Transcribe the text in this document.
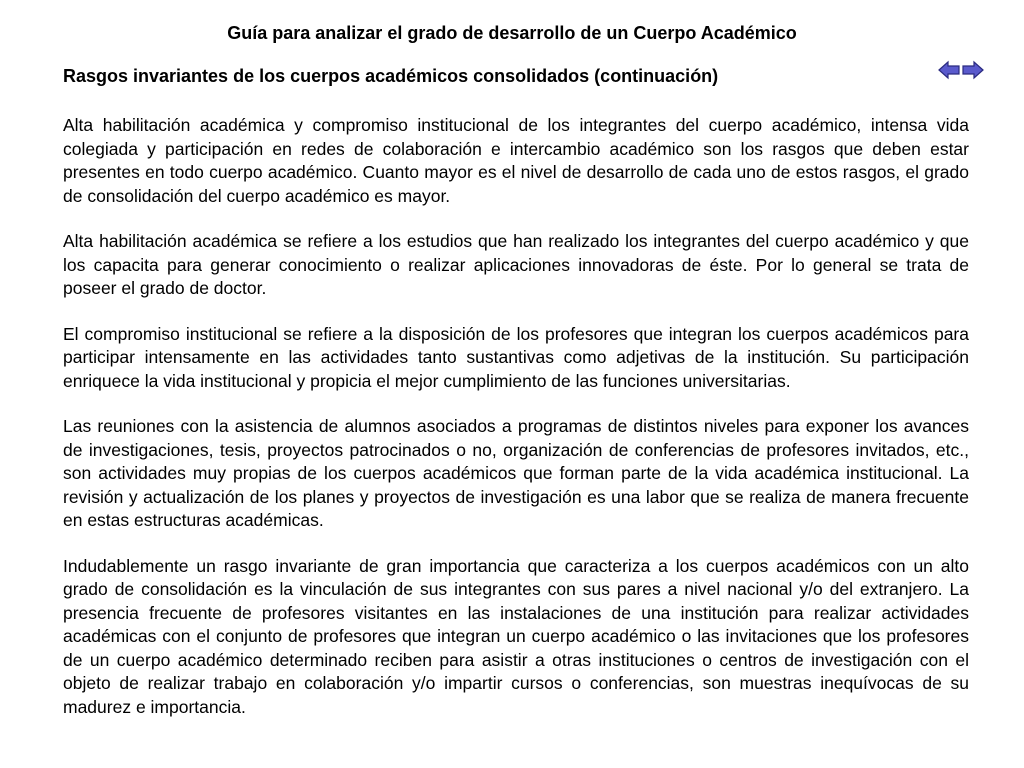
Guía para analizar el grado de desarrollo de un Cuerpo Académico
Rasgos invariantes de los cuerpos académicos consolidados (continuación)

Alta habilitación académica y compromiso institucional de los integrantes del cuerpo académico, intensa vida colegiada y participación en redes de colaboración e intercambio académico son los rasgos que deben estar presentes en todo cuerpo académico. Cuanto mayor es el nivel de desarrollo de cada uno de estos rasgos, el grado de consolidación del cuerpo académico es mayor.

Alta habilitación académica se refiere a los estudios que han realizado los integrantes del cuerpo académico y que los capacita para generar conocimiento o realizar aplicaciones innovadoras de éste. Por lo general se trata de poseer el grado de doctor.

El compromiso institucional se refiere a la disposición de los profesores que integran los cuerpos académicos para participar intensamente en las actividades tanto sustantivas como adjetivas de la institución. Su participación enriquece la vida institucional y propicia el mejor cumplimiento de las funciones universitarias.

Las reuniones con la asistencia de alumnos asociados a programas de distintos niveles para exponer los avances de investigaciones, tesis, proyectos patrocinados o no, organización de conferencias de profesores invitados, etc., son actividades muy propias de los cuerpos académicos que forman parte de la vida académica institucional. La revisión y actualización de los planes y proyectos de investigación es una labor que se realiza de manera frecuente en estas estructuras académicas.

Indudablemente un rasgo invariante de gran importancia que caracteriza a los cuerpos académicos con un alto grado de consolidación es la vinculación de sus integrantes con sus pares a nivel nacional y/o del extranjero. La presencia frecuente de profesores visitantes en las instalaciones de una institución para realizar actividades académicas con el conjunto de profesores que integran un cuerpo académico o las invitaciones que los profesores de un cuerpo académico determinado reciben para asistir a otras instituciones o centros de investigación con el objeto de realizar trabajo en colaboración y/o impartir cursos o conferencias, son muestras inequívocas de su madurez e importancia.
